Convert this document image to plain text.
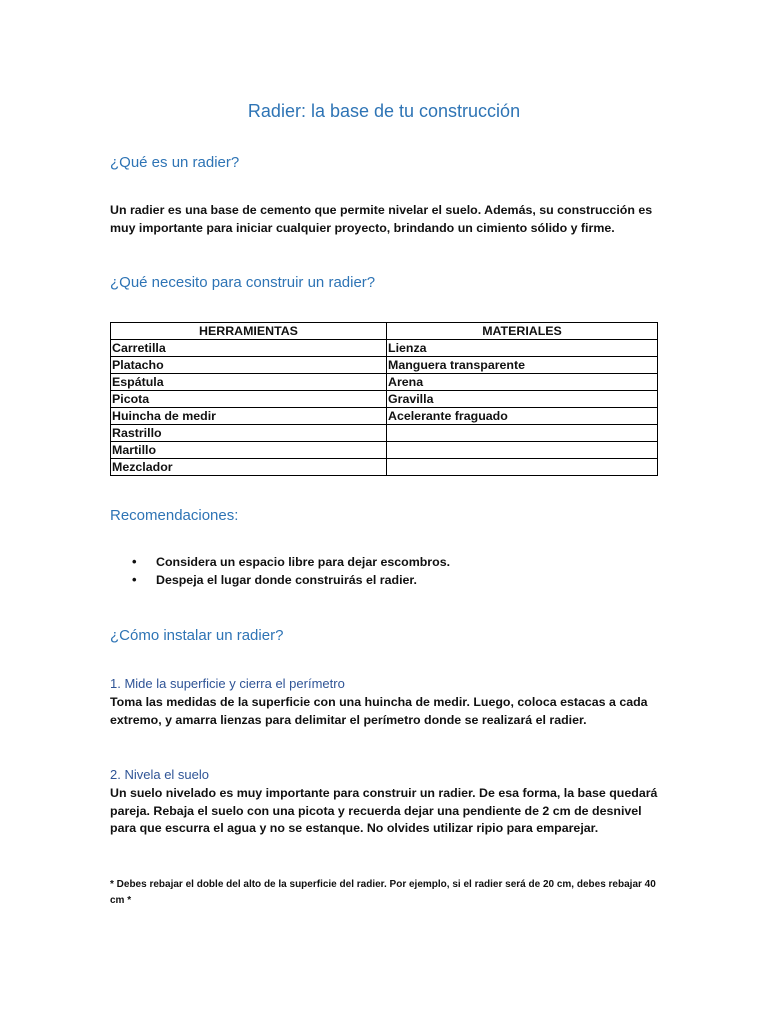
Radier: la base de tu construcción
¿Qué es un radier?
Un radier es una base de cemento que permite nivelar el suelo. Además, su construcción es muy importante para iniciar cualquier proyecto, brindando un cimiento sólido y firme.
¿Qué necesito para construir un radier?
HERRAMIENTAS	MATERIALES
Carretilla	Lienza
Platacho	Manguera transparente
Espátula	Arena
Picota	Gravilla
Huincha de medir	Acelerante fraguado
Rastrillo	
Martillo	
Mezclador	
Recomendaciones:
• Considera un espacio libre para dejar escombros.
• Despeja el lugar donde construirás el radier.
¿Cómo instalar un radier?
1. Mide la superficie y cierra el perímetro
Toma las medidas de la superficie con una huincha de medir. Luego, coloca estacas a cada extremo, y amarra lienzas para delimitar el perímetro donde se realizará el radier.
2. Nivela el suelo
Un suelo nivelado es muy importante para construir un radier. De esa forma, la base quedará pareja. Rebaja el suelo con una picota y recuerda dejar una pendiente de 2 cm de desnivel para que escurra el agua y no se estanque. No olvides utilizar ripio para emparejar.
* Debes rebajar el doble del alto de la superficie del radier. Por ejemplo, si el radier será de 20 cm, debes rebajar 40 cm *
